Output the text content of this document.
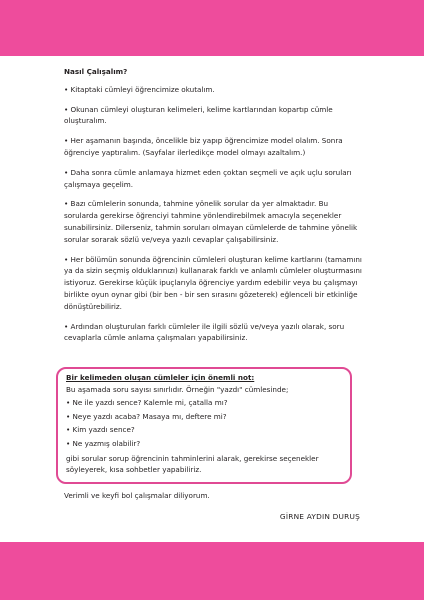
Nasıl Çalışalım?
• Kitaptaki cümleyi öğrencimize okutalım.
• Okunan cümleyi oluşturan kelimeleri, kelime kartlarından kopartıp cümle oluşturalım.
• Her aşamanın başında, öncelikle biz yapıp öğrencimize model olalım. Sonra öğrenciye yaptıralım. (Sayfalar ilerledikçe model olmayı azaltalım.)
• Daha sonra cümle anlamaya hizmet eden çoktan seçmeli ve açık uçlu soruları çalışmaya geçelim.
• Bazı cümlelerin sonunda, tahmine yönelik sorular da yer almaktadır. Bu sorularda gerekirse öğrenciyi tahmine yönlendirebilmek amacıyla seçenekler sunabilirsiniz. Dilerseniz, tahmin soruları olmayan cümlelerde de tahmine yönelik sorular sorarak sözlü ve/veya yazılı cevaplar çalışabilirsiniz.
• Her bölümün sonunda öğrencinin cümleleri oluşturan kelime kartlarını (tamamını ya da sizin seçmiş olduklarınızı) kullanarak farklı ve anlamlı cümleler oluşturmasını istiyoruz. Gerekirse küçük ipuçlarıyla öğrenciye yardım edebilir veya bu çalışmayı birlikte oyun oynar gibi (bir ben - bir sen sırasını gözeterek) eğlenceli bir etkinliğe dönüştürebiliriz.
• Ardından oluşturulan farklı cümleler ile ilgili sözlü ve/veya yazılı olarak, soru cevaplarla cümle anlama çalışmaları yapabilirsiniz.
Bir kelimeden oluşan cümleler için önemli not:
Bu aşamada soru sayısı sınırlıdır. Örneğin "yazdı" cümlesinde;
• Ne ile yazdı sence? Kalemle mi, çatalla mı?
• Neye yazdı acaba? Masaya mı, deftere mi?
• Kim yazdı sence?
• Ne yazmış olabilir?
gibi sorular sorup öğrencinin tahminlerini alarak, gerekirse seçenekler söyleyerek, kısa sohbetler yapabiliriz.
Verimli ve keyfi bol çalışmalar diliyorum.
GİRNE AYDIN DURUŞ
